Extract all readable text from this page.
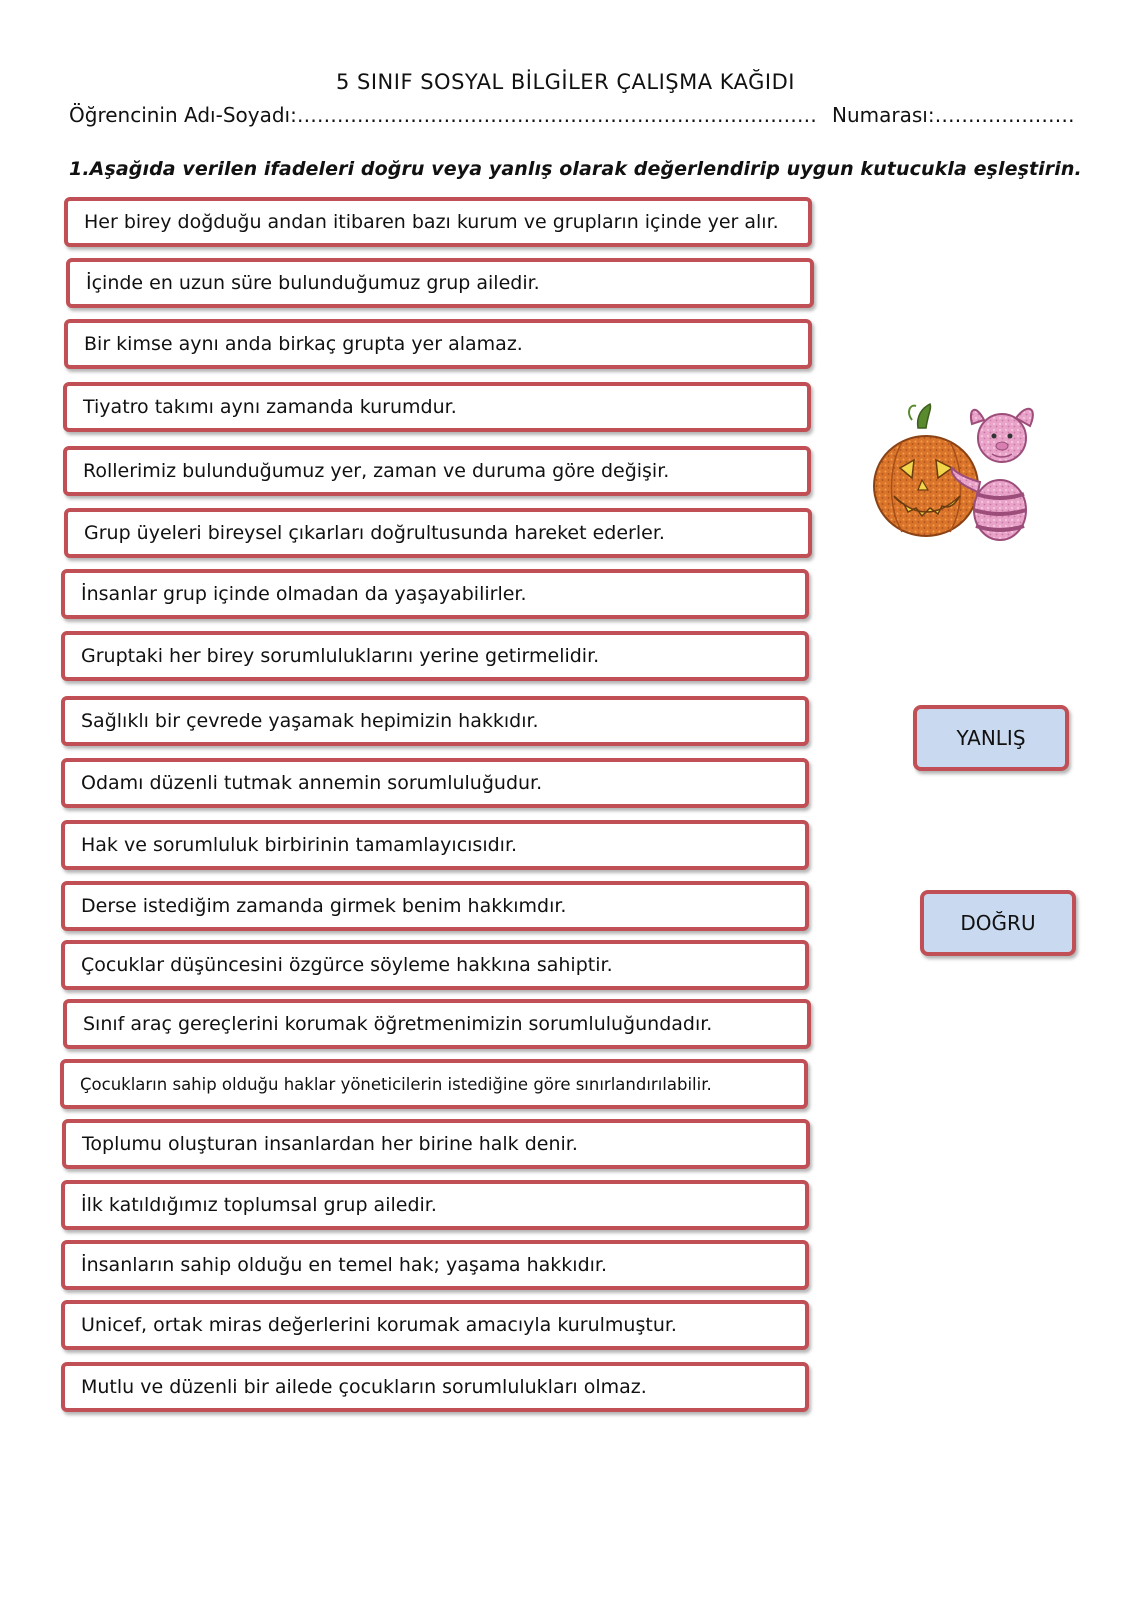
5 SINIF SOSYAL BİLGİLER ÇALIŞMA KAĞIDI
Öğrencinin Adı-Soyadı:…………………………………………………………………… Numarası:…………………
1.Aşağıda verilen ifadeleri doğru veya yanlış olarak değerlendirip uygun kutucukla eşleştirin.
Her birey doğduğu andan itibaren bazı kurum ve grupların içinde yer alır.
İçinde en uzun süre bulunduğumuz grup ailedir.
Bir kimse aynı anda birkaç grupta yer alamaz.
Tiyatro takımı aynı zamanda kurumdur.
Rollerimiz bulunduğumuz yer, zaman ve duruma göre değişir.
Grup üyeleri bireysel çıkarları doğrultusunda hareket ederler.
İnsanlar grup içinde olmadan da yaşayabilirler.
Gruptaki her birey sorumluluklarını yerine getirmelidir.
Sağlıklı bir çevrede yaşamak hepimizin hakkıdır.
Odamı düzenli tutmak annemin sorumluluğudur.
Hak ve sorumluluk birbirinin tamamlayıcısıdır.
Derse istediğim zamanda girmek benim hakkımdır.
Çocuklar düşüncesini özgürce söyleme hakkına sahiptir.
Sınıf araç gereçlerini korumak öğretmenimizin sorumluluğundadır.
Çocukların sahip olduğu haklar yöneticilerin istediğine göre sınırlandırılabilir.
Toplumu oluşturan insanlardan her birine halk denir.
İlk katıldığımız toplumsal grup ailedir.
İnsanların sahip olduğu en temel hak; yaşama hakkıdır.
Unicef, ortak miras değerlerini korumak amacıyla kurulmuştur.
Mutlu ve düzenli bir ailede çocukların sorumlulukları olmaz.
YANLIŞ
DOĞRU
